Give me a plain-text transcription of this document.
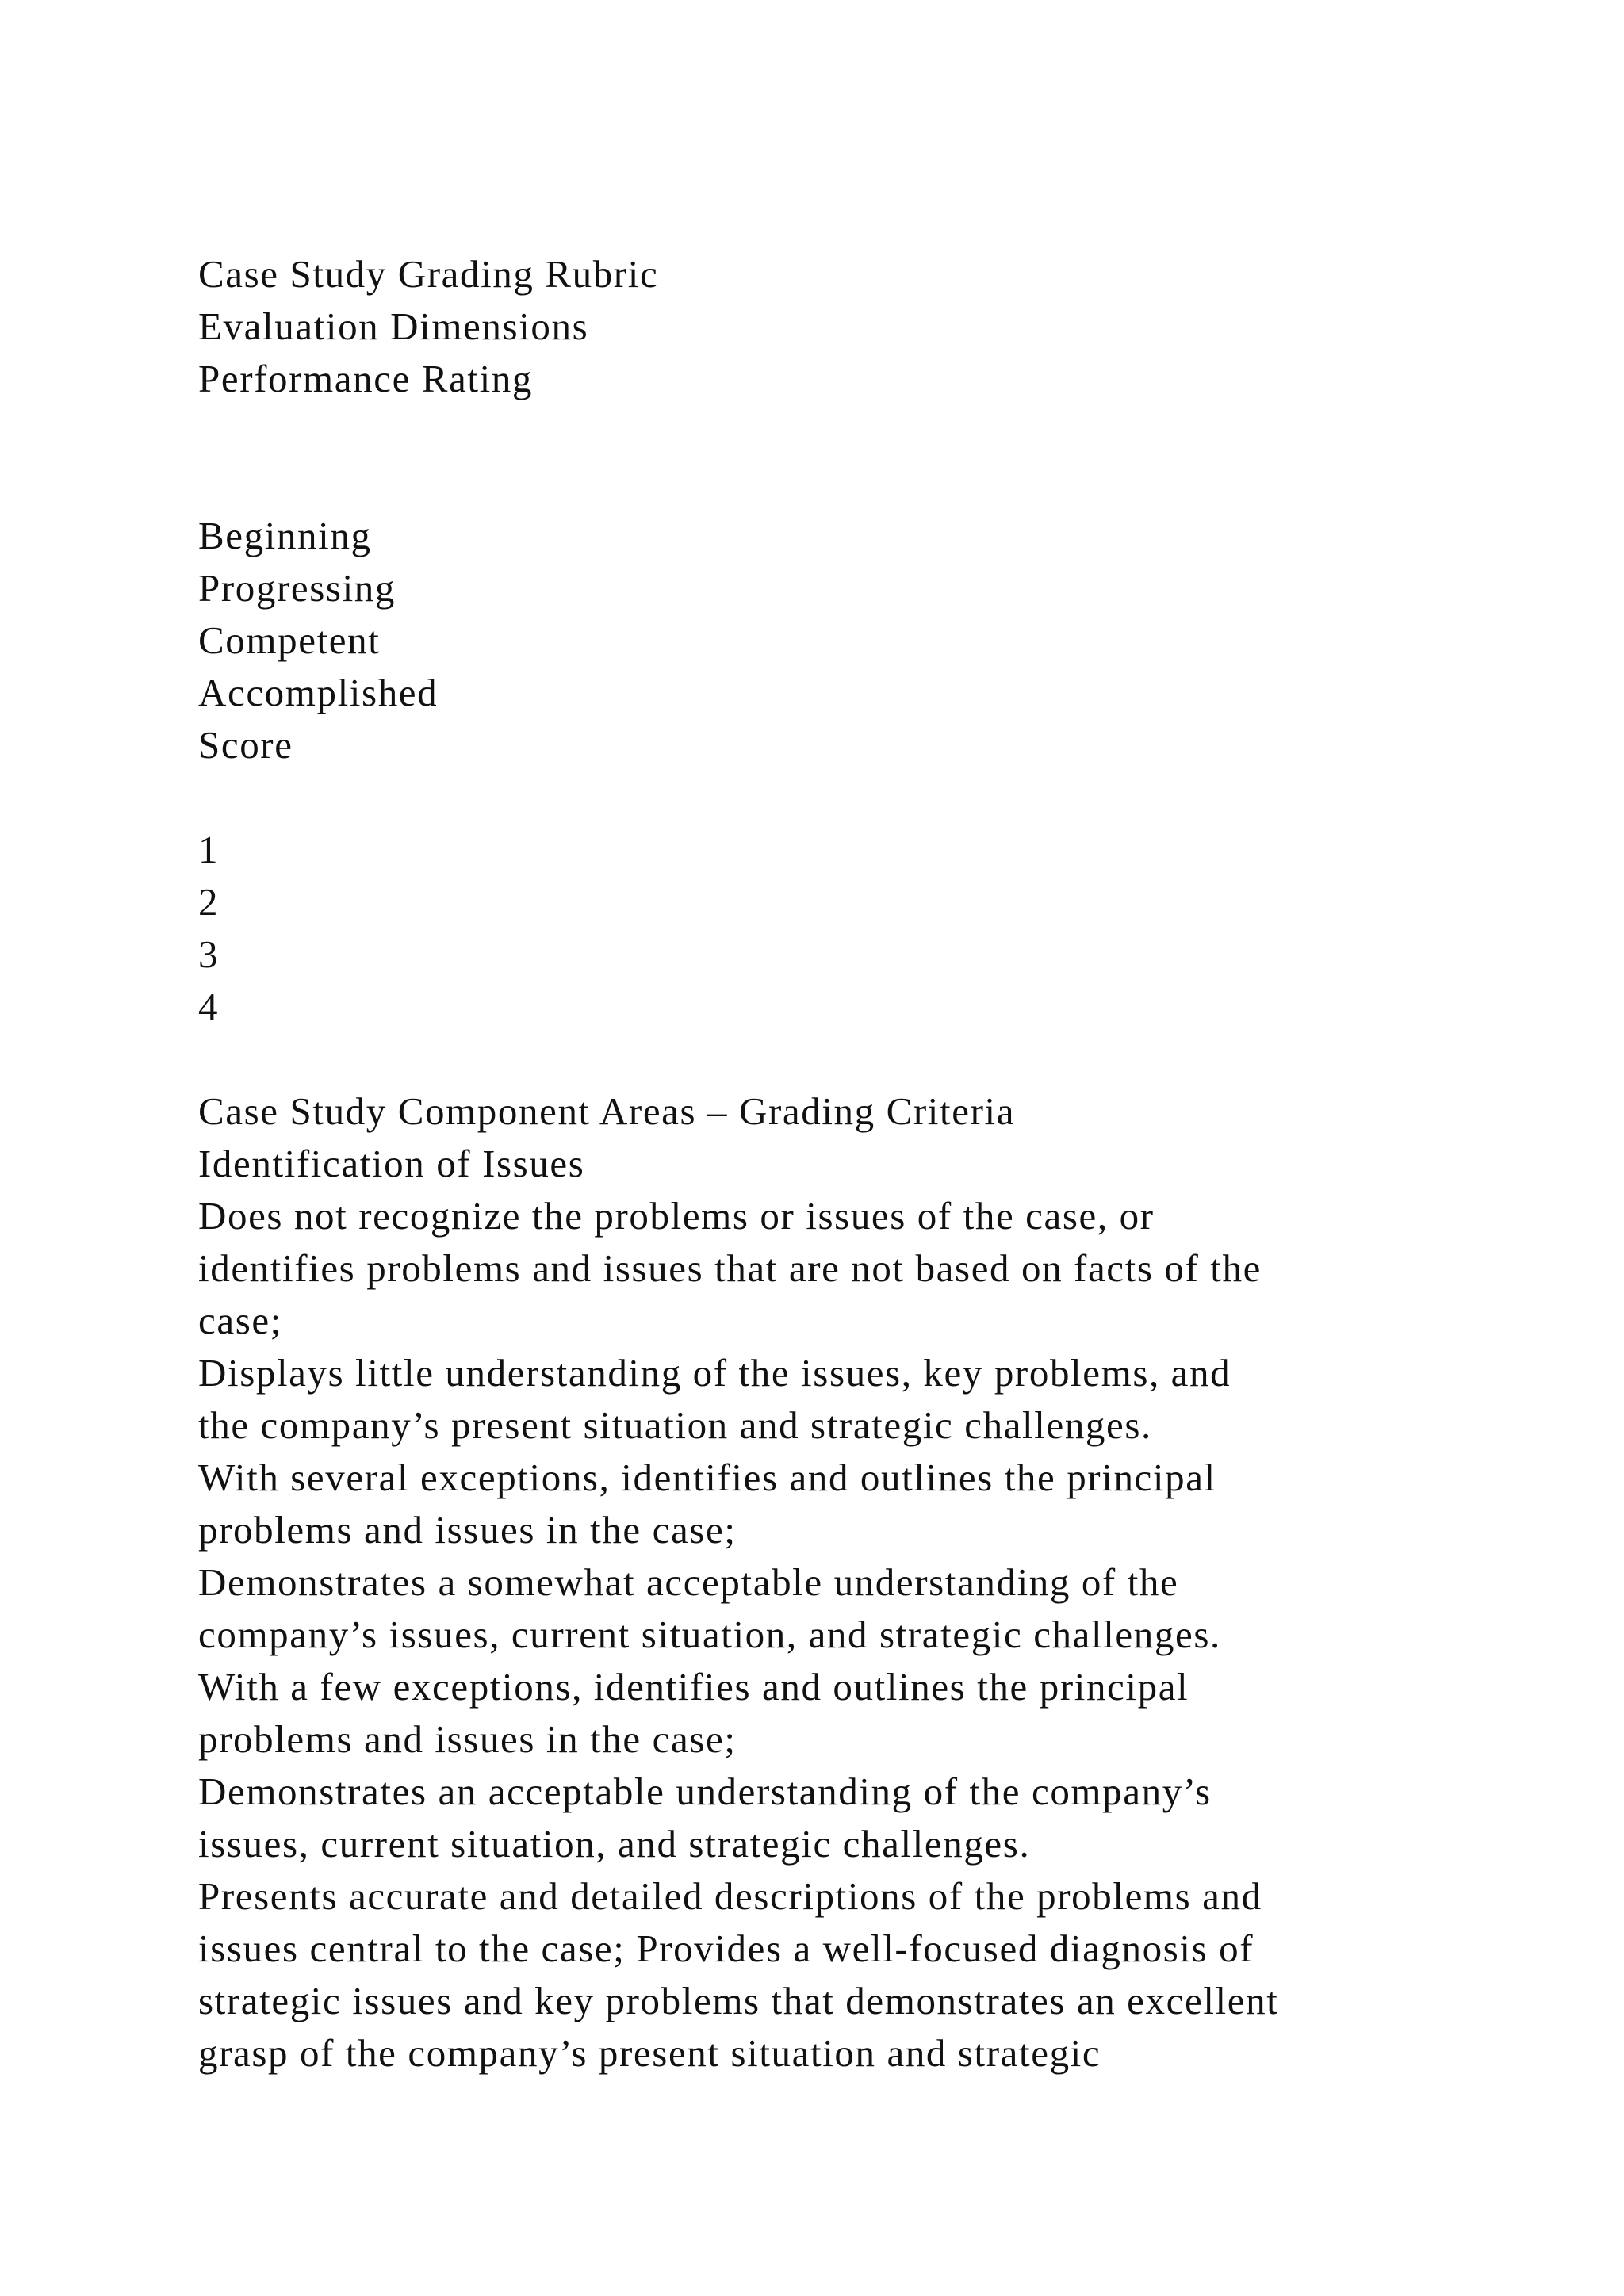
Case Study Grading Rubric
Evaluation Dimensions
Performance Rating
Beginning
Progressing
Competent
Accomplished
Score
1
2
3
4
Case Study Component Areas – Grading Criteria
Identification of Issues
Does not recognize the problems or issues of the case, or
identifies problems and issues that are not based on facts of the
case;
Displays little understanding of the issues, key problems, and
the company’s present situation and strategic challenges.
With several exceptions, identifies and outlines the principal
problems and issues in the case;
Demonstrates a somewhat acceptable understanding of the
company’s issues, current situation, and strategic challenges.
With a few exceptions, identifies and outlines the principal
problems and issues in the case;
Demonstrates an acceptable understanding of the company’s
issues, current situation, and strategic challenges.
Presents accurate and detailed descriptions of the problems and
issues central to the case; Provides a well-focused diagnosis of
strategic issues and key problems that demonstrates an excellent
grasp of the company’s present situation and strategic
